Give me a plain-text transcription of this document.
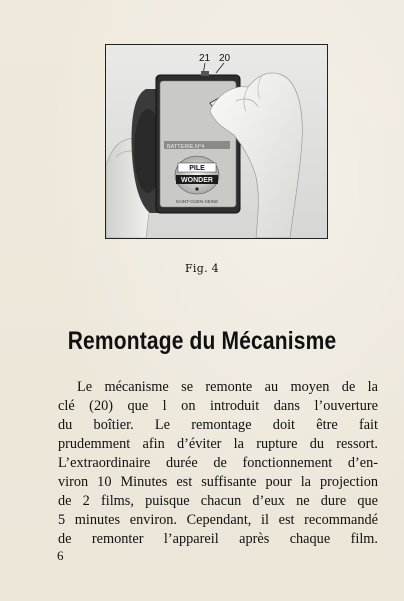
21 20
BATTERIE N°4
PILE
WONDER
SAINT-OUEN-SEINE
Fig. 4
Remontage du Mécanisme
Le mécanisme se remonte au moyen de la
clé (20) que l on introduit dans l’ouverture
du boîtier. Le remontage doit être fait
prudemment afin d’éviter la rupture du ressort.
L’extraordinaire durée de fonctionnement d’en-
viron 10 Minutes est suffisante pour la projection
de 2 films, puisque chacun d’eux ne dure que
5 minutes environ. Cependant, il est recommandé
de remonter l’appareil après chaque film.
6
